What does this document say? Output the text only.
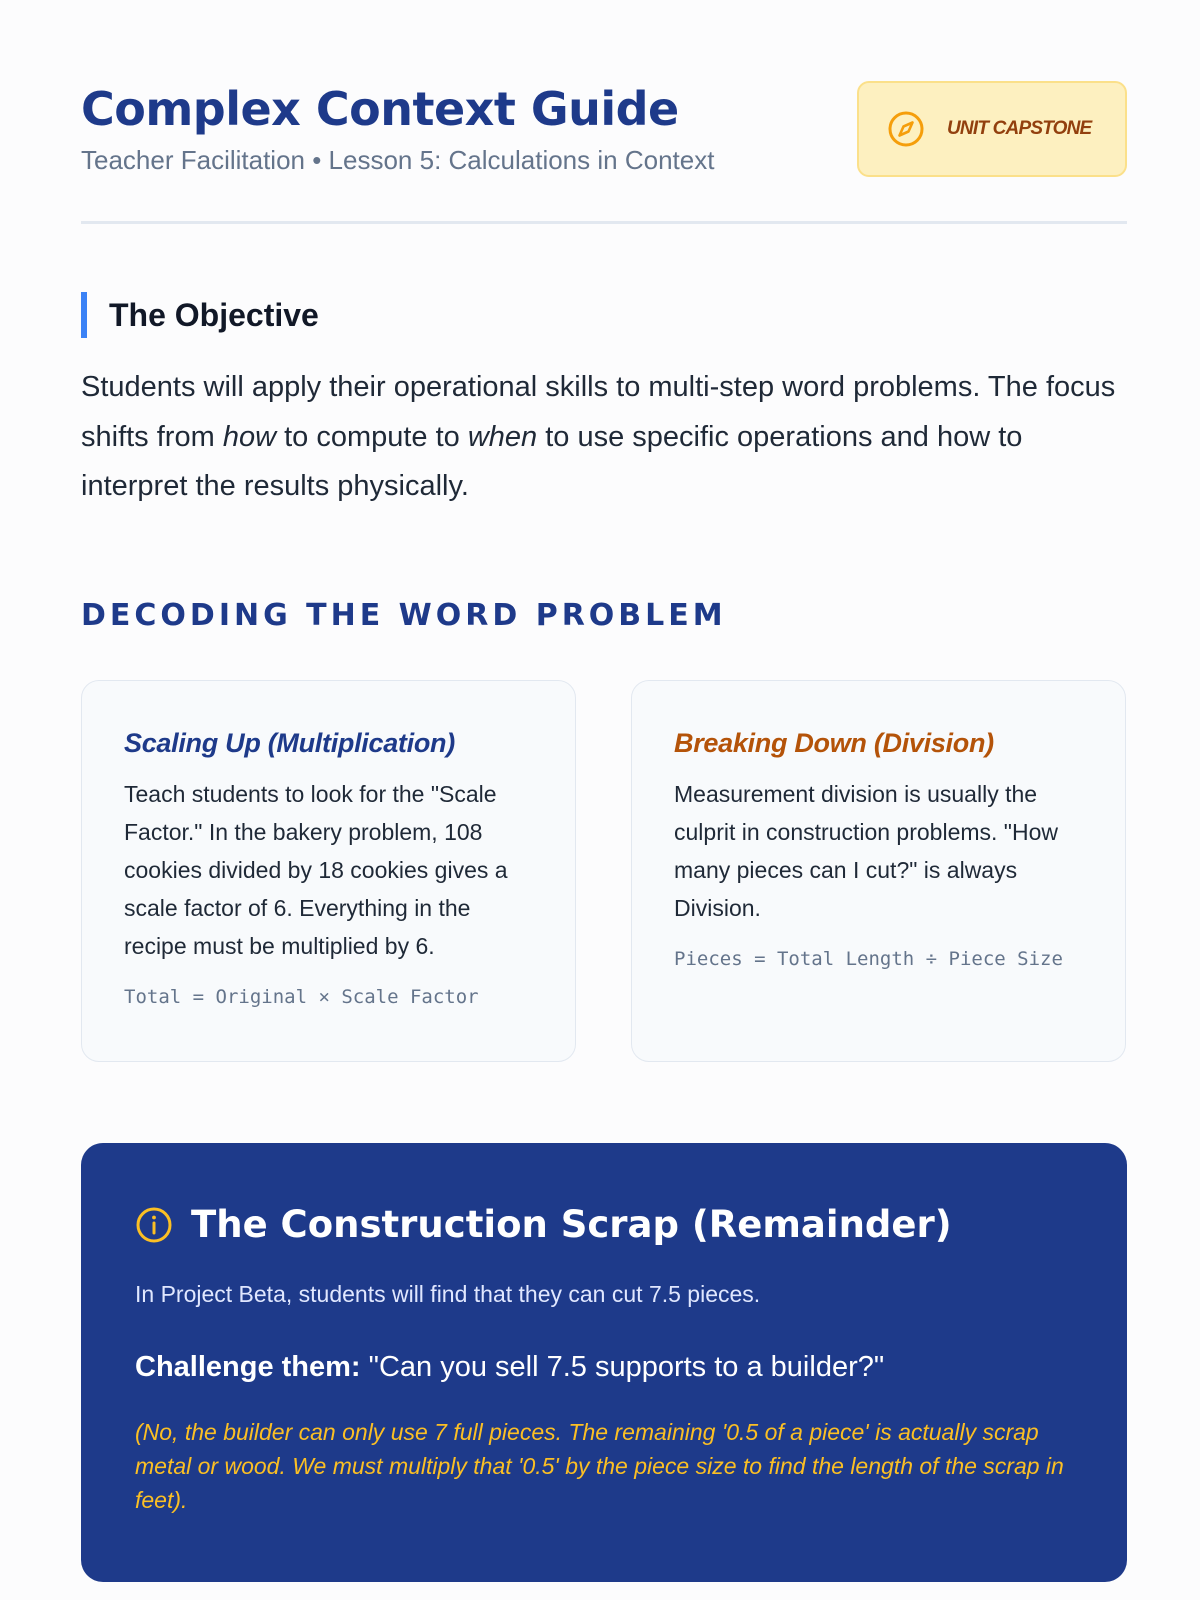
Complex Context Guide
Teacher Facilitation • Lesson 5: Calculations in Context
UNIT CAPSTONE
The Objective

Students will apply their operational skills to multi-step word problems. The focus shifts from how to compute to when to use specific operations and how to interpret the results physically.

DECODING THE WORD PROBLEM
Scaling Up (Multiplication)

Teach students to look for the "Scale Factor." In the bakery problem, 108 cookies divided by 18 cookies gives a scale factor of 6. Everything in the recipe must be multiplied by 6.

Total = Original × Scale Factor
Breaking Down (Division)

Measurement division is usually the culprit in construction problems. "How many pieces can I cut?" is always Division.

Pieces = Total Length ÷ Piece Size
The Construction Scrap (Remainder)

In Project Beta, students will find that they can cut 7.5 pieces.

Challenge them: "Can you sell 7.5 supports to a builder?"

(No, the builder can only use 7 full pieces. The remaining '0.5 of a piece' is actually scrap metal or wood. We must multiply that '0.5' by the piece size to find the length of the scrap in feet).
